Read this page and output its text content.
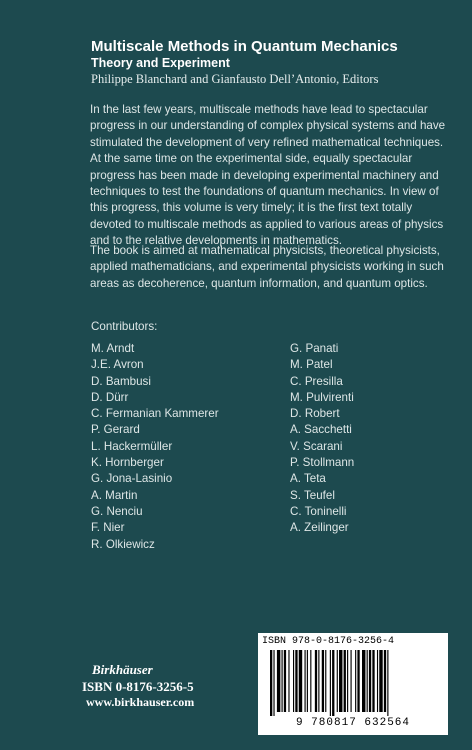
Multiscale Methods in Quantum Mechanics
Theory and Experiment
Philippe Blanchard and Gianfausto Dell’Antonio, Editors

In the last few years, multiscale methods have lead to spectacular progress in our understanding of complex physical systems and have stimulated the development of very refined mathematical techniques. At the same time on the experimental side, equally spectacular progress has been made in developing experimental machinery and techniques to test the foundations of quantum mechanics. In view of this progress, this volume is very timely; it is the first text totally devoted to multiscale methods as applied to various areas of physics and to the relative developments in mathematics.

The book is aimed at mathematical physicists, theoretical physicists, applied mathematicians, and experimental physicists working in such areas as decoherence, quantum information, and quantum optics.

Contributors:
M. Arndt
J.E. Avron
D. Bambusi
D. Dürr
C. Fermanian Kammerer
P. Gerard
L. Hackermüller
K. Hornberger
G. Jona-Lasinio
A. Martin
G. Nenciu
F. Nier
R. Olkiewicz
G. Panati
M. Patel
C. Presilla
M. Pulvirenti
D. Robert
A. Sacchetti
V. Scarani
P. Stollmann
A. Teta
S. Teufel
C. Toninelli
A. Zeilinger
Birkhäuser
ISBN 0-8176-3256-5
www.birkhauser.com
ISBN 978-0-8176-3256-4
9 780817 632564
